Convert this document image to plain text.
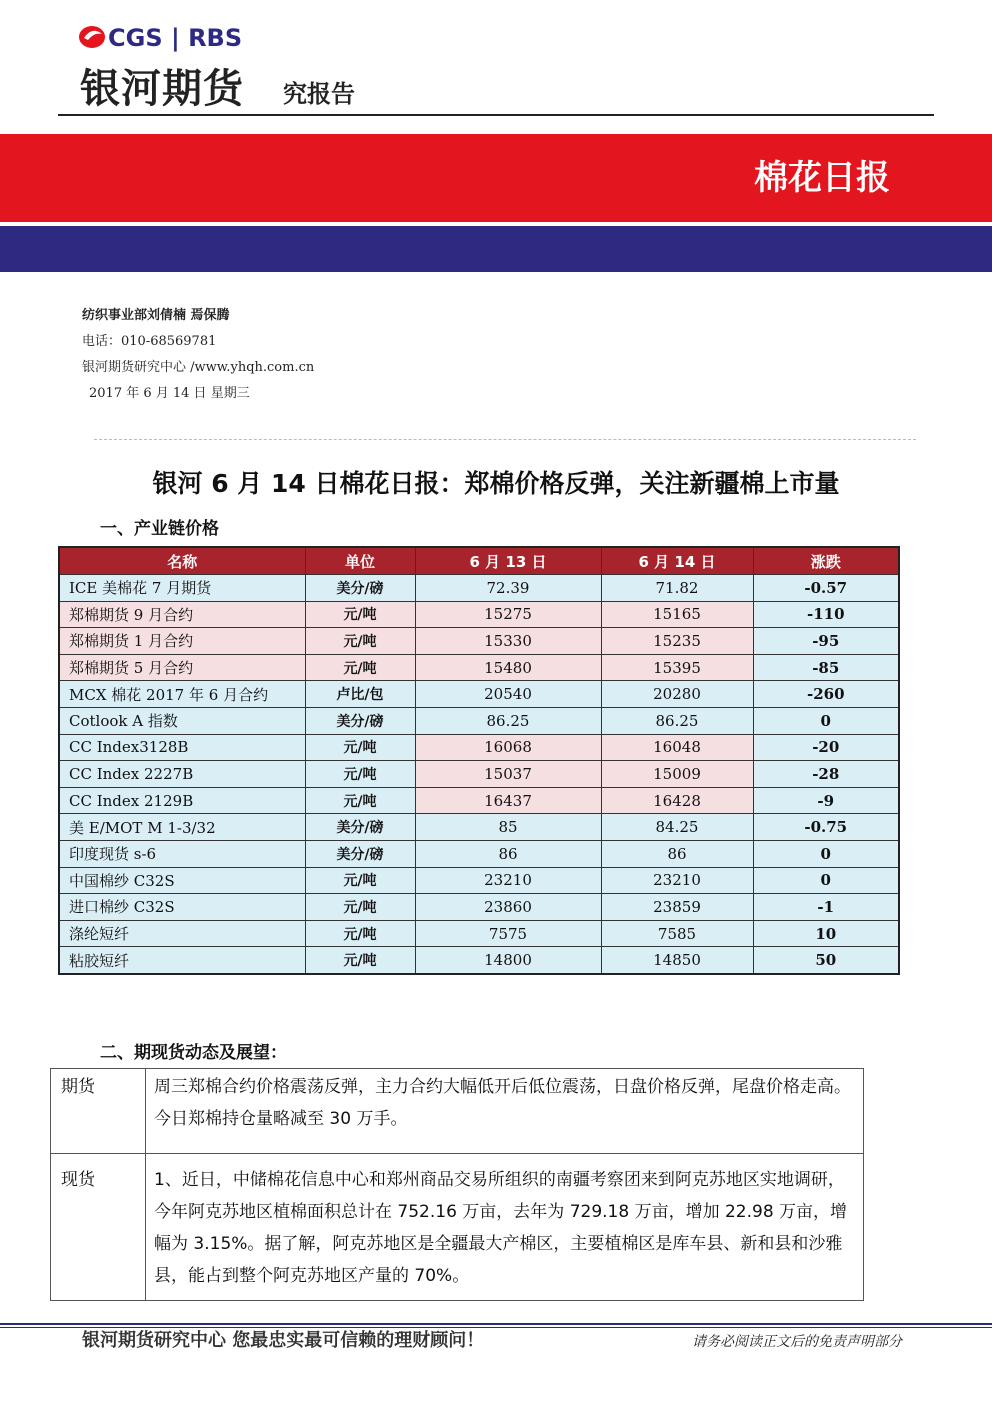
CGS | RBS
银河期货 究报告
棉花日报
纺织事业部刘倩楠 焉保腾
电话：010-68569781
银河期货研究中心 /www.yhqh.com.cn
2017 年 6 月 14 日 星期三
银河 6 月 14 日棉花日报：郑棉价格反弹，关注新疆棉上市量
一、产业链价格
名称	单位	6 月 13 日	6 月 14 日	涨跌
ICE 美棉花 7 月期货	美分/磅	72.39	71.82	-0.57
郑棉期货 9 月合约	元/吨	15275	15165	-110
郑棉期货 1 月合约	元/吨	15330	15235	-95
郑棉期货 5 月合约	元/吨	15480	15395	-85
MCX 棉花 2017 年 6 月合约	卢比/包	20540	20280	-260
Cotlook A 指数	美分/磅	86.25	86.25	0
CC Index3128B	元/吨	16068	16048	-20
CC Index 2227B	元/吨	15037	15009	-28
CC Index 2129B	元/吨	16437	16428	-9
美 E/MOT M 1-3/32	美分/磅	85	84.25	-0.75
印度现货 s-6	美分/磅	86	86	0
中国棉纱 C32S	元/吨	23210	23210	0
进口棉纱 C32S	元/吨	23860	23859	-1
涤纶短纤	元/吨	7575	7585	10
粘胶短纤	元/吨	14800	14850	50
二、期现货动态及展望：
期货	周三郑棉合约价格震荡反弹，主力合约大幅低开后低位震荡，日盘价格反弹，尾盘价格走高。今日郑棉持仓量略减至 30 万手。
现货	1、近日，中储棉花信息中心和郑州商品交易所组织的南疆考察团来到阿克苏地区实地调研，今年阿克苏地区植棉面积总计在 752.16 万亩，去年为 729.18 万亩，增加 22.98 万亩，增幅为 3.15%。据了解，阿克苏地区是全疆最大产棉区，主要植棉区是库车县、新和县和沙雅县，能占到整个阿克苏地区产量的 70%。
银河期货研究中心 您最忠实最可信赖的理财顾问！	请务必阅读正文后的免责声明部分
